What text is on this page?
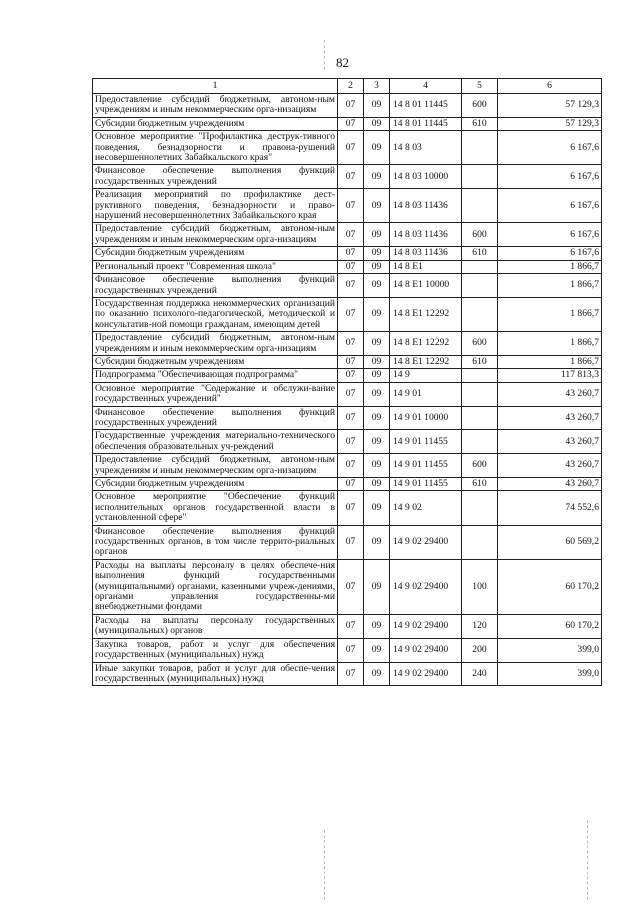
82
1	2	3	4	5	6
Предоставление субсидий бюджетным, автоном-ным учреждениям и иным некоммерческим орга-низациям	07	09	14 8 01 11445	600	57 129,3
Субсидии бюджетным учреждениям	07	09	14 8 01 11445	610	57 129,3
Основное мероприятие "Профилактика деструк-тивного поведения, безнадзорности и правона-рушений несовершеннолетних Забайкальского края"	07	09	14 8 03		6 167,6
Финансовое обеспечение выполнения функций государственных учреждений	07	09	14 8 03 10000		6 167,6
Реализация мероприятий по профилактике дест-руктивного поведения, безнадзорности и право-нарушений несовершеннолетних Забайкальского края	07	09	14 8 03 11436		6 167,6
Предоставление субсидий бюджетным, автоном-ным учреждениям и иным некоммерческим орга-низациям	07	09	14 8 03 11436	600	6 167,6
Субсидии бюджетным учреждениям	07	09	14 8 03 11436	610	6 167,6
Региональный проект "Современная школа"	07	09	14 8 E1		1 866,7
Финансовое обеспечение выполнения функций государственных учреждений	07	09	14 8 E1 10000		1 866,7
Государственная поддержка некоммерческих организаций по оказанию психолого-педагогической, методической и консультатив-ной помощи гражданам, имеющим детей	07	09	14 8 E1 12292		1 866,7
Предоставление субсидий бюджетным, автоном-ным учреждениям и иным некоммерческим орга-низациям	07	09	14 8 E1 12292	600	1 866,7
Субсидии бюджетным учреждениям	07	09	14 8 E1 12292	610	1 866,7
Подпрограмма "Обеспечивающая подпрограмма"	07	09	14 9		117 813,3
Основное мероприятие "Содержание и обслужи-вание государственных учреждений"	07	09	14 9 01		43 260,7
Финансовое обеспечение выполнения функций государственных учреждений	07	09	14 9 01 10000		43 260,7
Государственные учреждения материально-технического обеспечения образовательных уч-реждений	07	09	14 9 01 11455		43 260,7
Предоставление субсидий бюджетным, автоном-ным учреждениям и иным некоммерческим орга-низациям	07	09	14 9 01 11455	600	43 260,7
Субсидии бюджетным учреждениям	07	09	14 9 01 11455	610	43 260,7
Основное мероприятие "Обеспечение функций исполнительных органов государственной власти в установленной сфере"	07	09	14 9 02		74 552,6
Финансовое обеспечение выполнения функций государственных органов, в том числе террито-риальных органов	07	09	14 9 02 29400		60 569,2
Расходы на выплаты персоналу в целях обеспече-ния выполнения функций государственными (муниципальными) органами, казенными учреж-дениями, органами управления государственны-ми внебюджетными фондами	07	09	14 9 02 29400	100	60 170,2
Расходы на выплаты персоналу государственных (муниципальных) органов	07	09	14 9 02 29400	120	60 170,2
Закупка товаров, работ и услуг для обеспечения государственных (муниципальных) нужд	07	09	14 9 02 29400	200	399,0
Иные закупки товаров, работ и услуг для обеспе-чения государственных (муниципальных) нужд	07	09	14 9 02 29400	240	399,0
